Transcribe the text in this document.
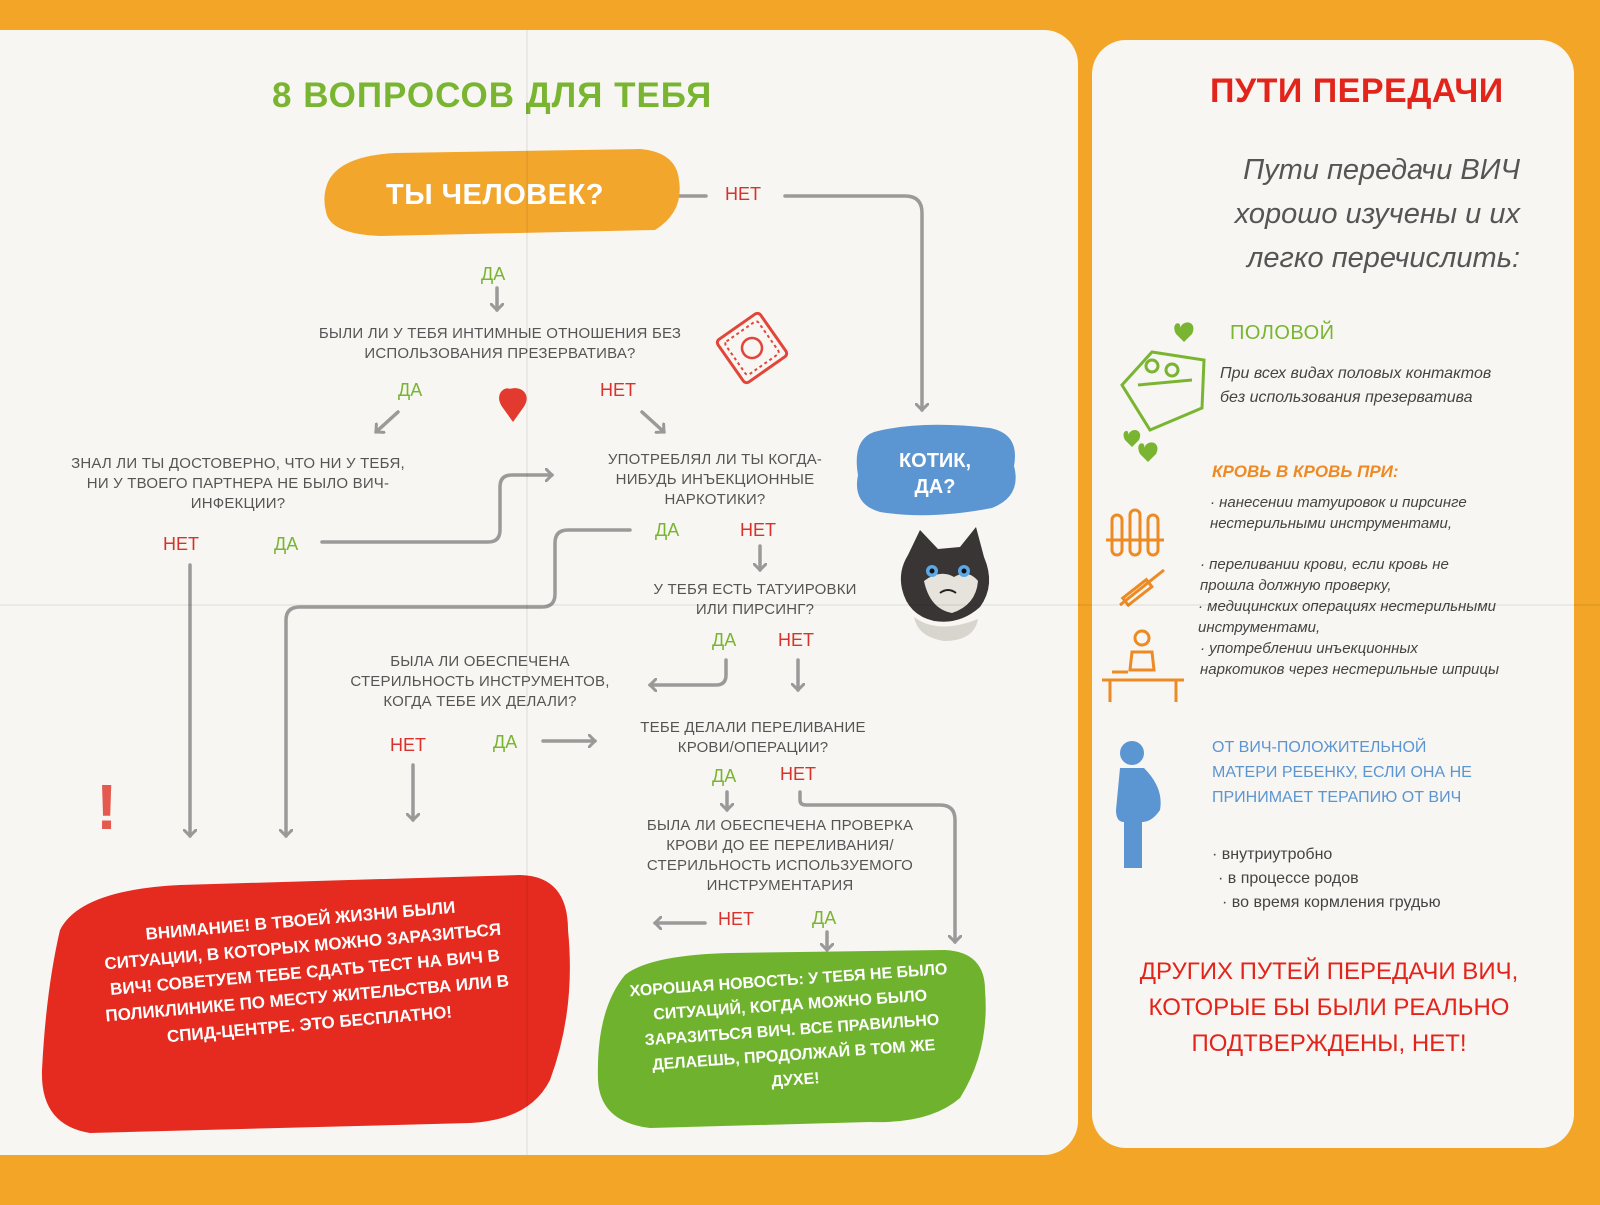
8 ВОПРОСОВ ДЛЯ ТЕБЯ
ТЫ ЧЕЛОВЕК?	НЕТ
ДА
БЫЛИ ЛИ У ТЕБЯ ИНТИМНЫЕ ОТНОШЕНИЯ БЕЗ ИСПОЛЬЗОВАНИЯ ПРЕЗЕРВАТИВА?
ДА	НЕТ
ЗНАЛ ЛИ ТЫ ДОСТОВЕРНО, ЧТО НИ У ТЕБЯ, НИ У ТВОЕГО ПАРТНЕРА НЕ БЫЛО ВИЧ-ИНФЕКЦИИ?
НЕТ	ДА
УПОТРЕБЛЯЛ ЛИ ТЫ КОГДА-НИБУДЬ ИНЪЕКЦИОННЫЕ НАРКОТИКИ?
ДА	НЕТ
КОТИК, ДА?
У ТЕБЯ ЕСТЬ ТАТУИРОВКИ ИЛИ ПИРСИНГ?
ДА НЕТ
БЫЛА ЛИ ОБЕСПЕЧЕНА СТЕРИЛЬНОСТЬ ИНСТРУМЕНТОВ, КОГДА ТЕБЕ ИХ ДЕЛАЛИ?
НЕТ	ДА
ТЕБЕ ДЕЛАЛИ ПЕРЕЛИВАНИЕ КРОВИ/ОПЕРАЦИИ?
ДА НЕТ
БЫЛА ЛИ ОБЕСПЕЧЕНА ПРОВЕРКА КРОВИ ДО ЕЕ ПЕРЕЛИВАНИЯ/ СТЕРИЛЬНОСТЬ ИСПОЛЬЗУЕМОГО ИНСТРУМЕНТАРИЯ
НЕТ	ДА
!
ВНИМАНИЕ! В ТВОЕЙ ЖИЗНИ БЫЛИ СИТУАЦИИ, В КОТОРЫХ МОЖНО ЗАРАЗИТЬСЯ ВИЧ! СОВЕТУЕМ ТЕБЕ СДАТЬ ТЕСТ НА ВИЧ В ПОЛИКЛИНИКЕ ПО МЕСТУ ЖИТЕЛЬСТВА ИЛИ В СПИД-ЦЕНТРЕ. ЭТО БЕСПЛАТНО!
ХОРОШАЯ НОВОСТЬ: У ТЕБЯ НЕ БЫЛО СИТУАЦИЙ, КОГДА МОЖНО БЫЛО ЗАРАЗИТЬСЯ ВИЧ. ВСЕ ПРАВИЛЬНО ДЕЛАЕШЬ, ПРОДОЛЖАЙ В ТОМ ЖЕ ДУХЕ!
ПУТИ ПЕРЕДАЧИ
Пути передачи ВИЧ хорошо изучены и их легко перечислить:
ПОЛОВОЙ
При всех видах половых контактов без использования презерватива
КРОВЬ В КРОВЬ ПРИ:
· нанесении татуировок и пирсинге нестерильными инструментами,
· переливании крови, если кровь не прошла должную проверку,
· медицинских операциях нестерильными инструментами,
· употреблении инъекционных наркотиков через нестерильные шприцы
ОТ ВИЧ-ПОЛОЖИТЕЛЬНОЙ МАТЕРИ РЕБЕНКУ, ЕСЛИ ОНА НЕ ПРИНИМАЕТ ТЕРАПИЮ ОТ ВИЧ
· внутриутробно
· в процессе родов
· во время кормления грудью
ДРУГИХ ПУТЕЙ ПЕРЕДАЧИ ВИЧ, КОТОРЫЕ БЫ БЫЛИ РЕАЛЬНО ПОДТВЕРЖДЕНЫ, НЕТ!
